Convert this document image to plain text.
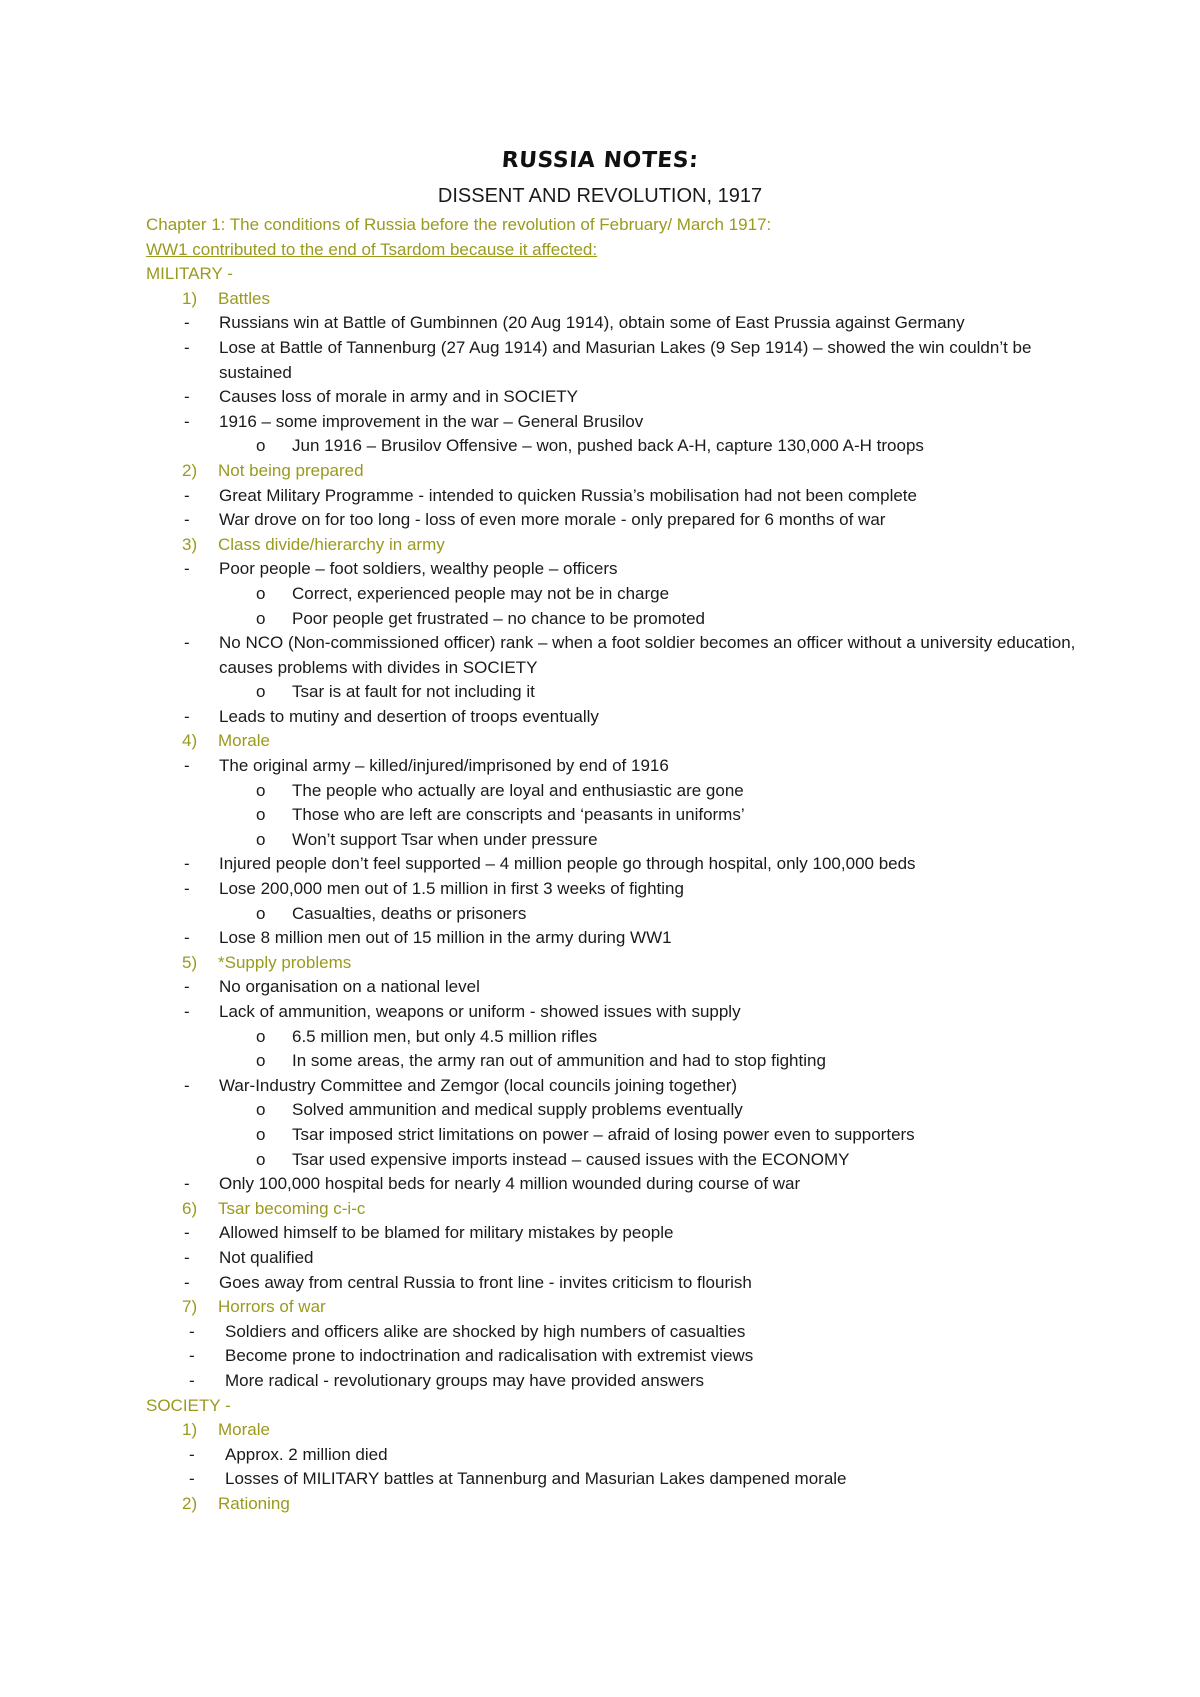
RUSSIA NOTES:
DISSENT AND REVOLUTION, 1917
Chapter 1: The conditions of Russia before the revolution of February/ March 1917:
WW1 contributed to the end of Tsardom because it affected:
MILITARY -
1) Battles
- Russians win at Battle of Gumbinnen (20 Aug 1914), obtain some of East Prussia against Germany
- Lose at Battle of Tannenburg (27 Aug 1914) and Masurian Lakes (9 Sep 1914) – showed the win couldn’t be sustained
- Causes loss of morale in army and in SOCIETY
- 1916 – some improvement in the war – General Brusilov
o Jun 1916 – Brusilov Offensive – won, pushed back A-H, capture 130,000 A-H troops
2) Not being prepared
- Great Military Programme - intended to quicken Russia’s mobilisation had not been complete
- War drove on for too long - loss of even more morale - only prepared for 6 months of war
3) Class divide/hierarchy in army
- Poor people – foot soldiers, wealthy people – officers
o Correct, experienced people may not be in charge
o Poor people get frustrated – no chance to be promoted
- No NCO (Non-commissioned officer) rank – when a foot soldier becomes an officer without a university education, causes problems with divides in SOCIETY
o Tsar is at fault for not including it
- Leads to mutiny and desertion of troops eventually
4) Morale
- The original army – killed/injured/imprisoned by end of 1916
o The people who actually are loyal and enthusiastic are gone
o Those who are left are conscripts and ‘peasants in uniforms’
o Won’t support Tsar when under pressure
- Injured people don’t feel supported – 4 million people go through hospital, only 100,000 beds
- Lose 200,000 men out of 1.5 million in first 3 weeks of fighting
o Casualties, deaths or prisoners
- Lose 8 million men out of 15 million in the army during WW1
5) *Supply problems
- No organisation on a national level
- Lack of ammunition, weapons or uniform - showed issues with supply
o 6.5 million men, but only 4.5 million rifles
o In some areas, the army ran out of ammunition and had to stop fighting
- War-Industry Committee and Zemgor (local councils joining together)
o Solved ammunition and medical supply problems eventually
o Tsar imposed strict limitations on power – afraid of losing power even to supporters
o Tsar used expensive imports instead – caused issues with the ECONOMY
- Only 100,000 hospital beds for nearly 4 million wounded during course of war
6) Tsar becoming c-i-c
- Allowed himself to be blamed for military mistakes by people
- Not qualified
- Goes away from central Russia to front line - invites criticism to flourish
7) Horrors of war
- Soldiers and officers alike are shocked by high numbers of casualties
- Become prone to indoctrination and radicalisation with extremist views
- More radical - revolutionary groups may have provided answers
SOCIETY -
1) Morale
- Approx. 2 million died
- Losses of MILITARY battles at Tannenburg and Masurian Lakes dampened morale
2) Rationing
